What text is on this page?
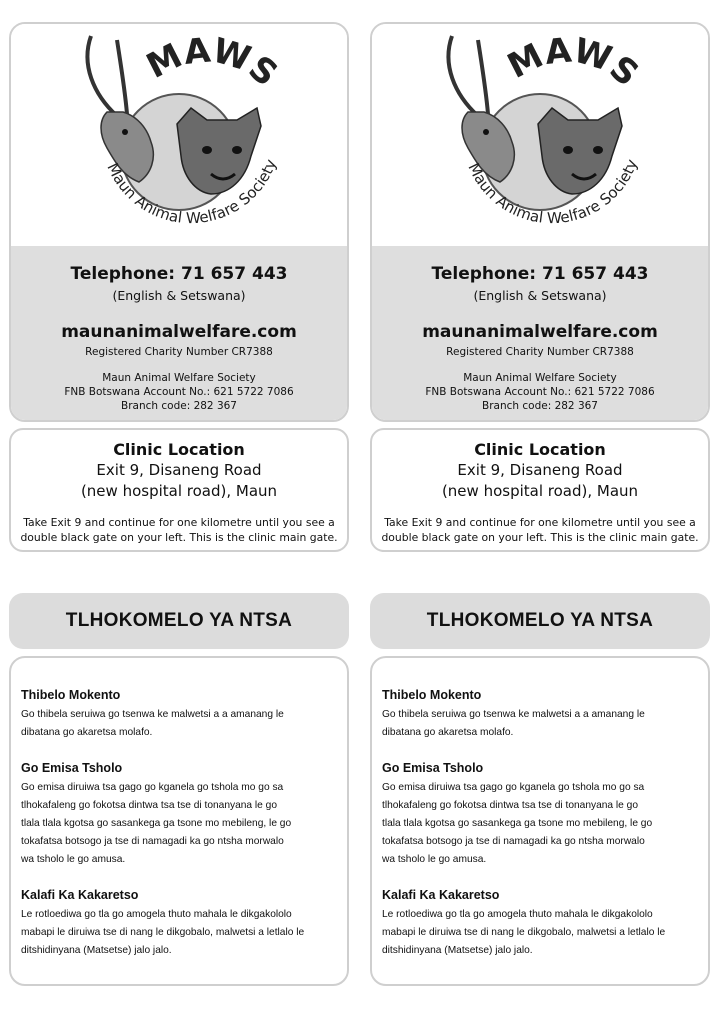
MAWS
Maun Animal Welfare Society
Telephone: 71 657 443
(English & Setswana)
maunanimalwelfare.com
Registered Charity Number CR7388
Maun Animal Welfare Society
FNB Botswana Account No.: 621 5722 7086
Branch code: 282 367
Clinic Location
Exit 9, Disaneng Road
(new hospital road), Maun
Take Exit 9 and continue for one kilometre until you see a
double black gate on your left. This is the clinic main gate.
TLHOKOMELO YA NTSA
Thibelo Mokento
Go thibela seruiwa go tsenwa ke malwetsi a a amanang le
dibatana go akaretsa molafo.
Go Emisa Tsholo
Go emisa diruiwa tsa gago go kganela go tshola mo go sa
tlhokafaleng go fokotsa dintwa tsa tse di tonanyana le go
tlala tlala kgotsa go sasankega ga tsone mo mebileng, le go
tokafatsa botsogo ja tse di namagadi ka go ntsha morwalo
wa tsholo le go amusa.
Kalafi Ka Kakaretso
Le rotloediwa go tla go amogela thuto mahala le dikgakololo
mabapi le diruiwa tse di nang le dikgobalo, malwetsi a letlalo le
ditshidinyana (Matsetse) jalo jalo.
MAWS
Maun Animal Welfare Society
Telephone: 71 657 443
(English & Setswana)
maunanimalwelfare.com
Registered Charity Number CR7388
Maun Animal Welfare Society
FNB Botswana Account No.: 621 5722 7086
Branch code: 282 367
Clinic Location
Exit 9, Disaneng Road
(new hospital road), Maun
Take Exit 9 and continue for one kilometre until you see a
double black gate on your left. This is the clinic main gate.
TLHOKOMELO YA NTSA
Thibelo Mokento
Go thibela seruiwa go tsenwa ke malwetsi a a amanang le
dibatana go akaretsa molafo.
Go Emisa Tsholo
Go emisa diruiwa tsa gago go kganela go tshola mo go sa
tlhokafaleng go fokotsa dintwa tsa tse di tonanyana le go
tlala tlala kgotsa go sasankega ga tsone mo mebileng, le go
tokafatsa botsogo ja tse di namagadi ka go ntsha morwalo
wa tsholo le go amusa.
Kalafi Ka Kakaretso
Le rotloediwa go tla go amogela thuto mahala le dikgakololo
mabapi le diruiwa tse di nang le dikgobalo, malwetsi a letlalo le
ditshidinyana (Matsetse) jalo jalo.
